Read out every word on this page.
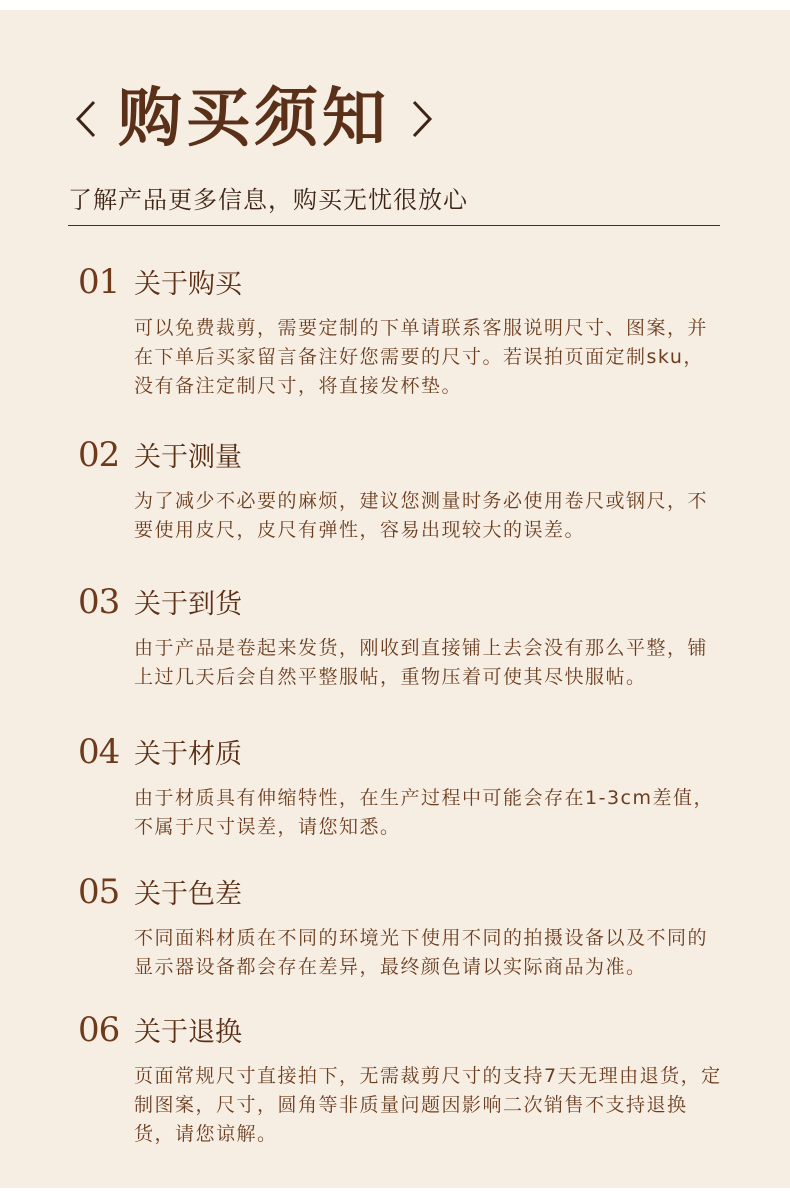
购买须知
了解产品更多信息，购买无忧很放心
01 关于购买
可以免费裁剪，需要定制的下单请联系客服说明尺寸、图案，并在下单后买家留言备注好您需要的尺寸。若误拍页面定制sku，没有备注定制尺寸，将直接发杯垫。
02 关于测量
为了减少不必要的麻烦，建议您测量时务必使用卷尺或钢尺，不要使用皮尺，皮尺有弹性，容易出现较大的误差。
03 关于到货
由于产品是卷起来发货，刚收到直接铺上去会没有那么平整，铺上过几天后会自然平整服帖，重物压着可使其尽快服帖。
04 关于材质
由于材质具有伸缩特性，在生产过程中可能会存在1-3cm差值，不属于尺寸误差，请您知悉。
05 关于色差
不同面料材质在不同的环境光下使用不同的拍摄设备以及不同的显示器设备都会存在差异，最终颜色请以实际商品为准。
06 关于退换
页面常规尺寸直接拍下，无需裁剪尺寸的支持7天无理由退货，定制图案，尺寸，圆角等非质量问题因影响二次销售不支持退换货，请您谅解。
